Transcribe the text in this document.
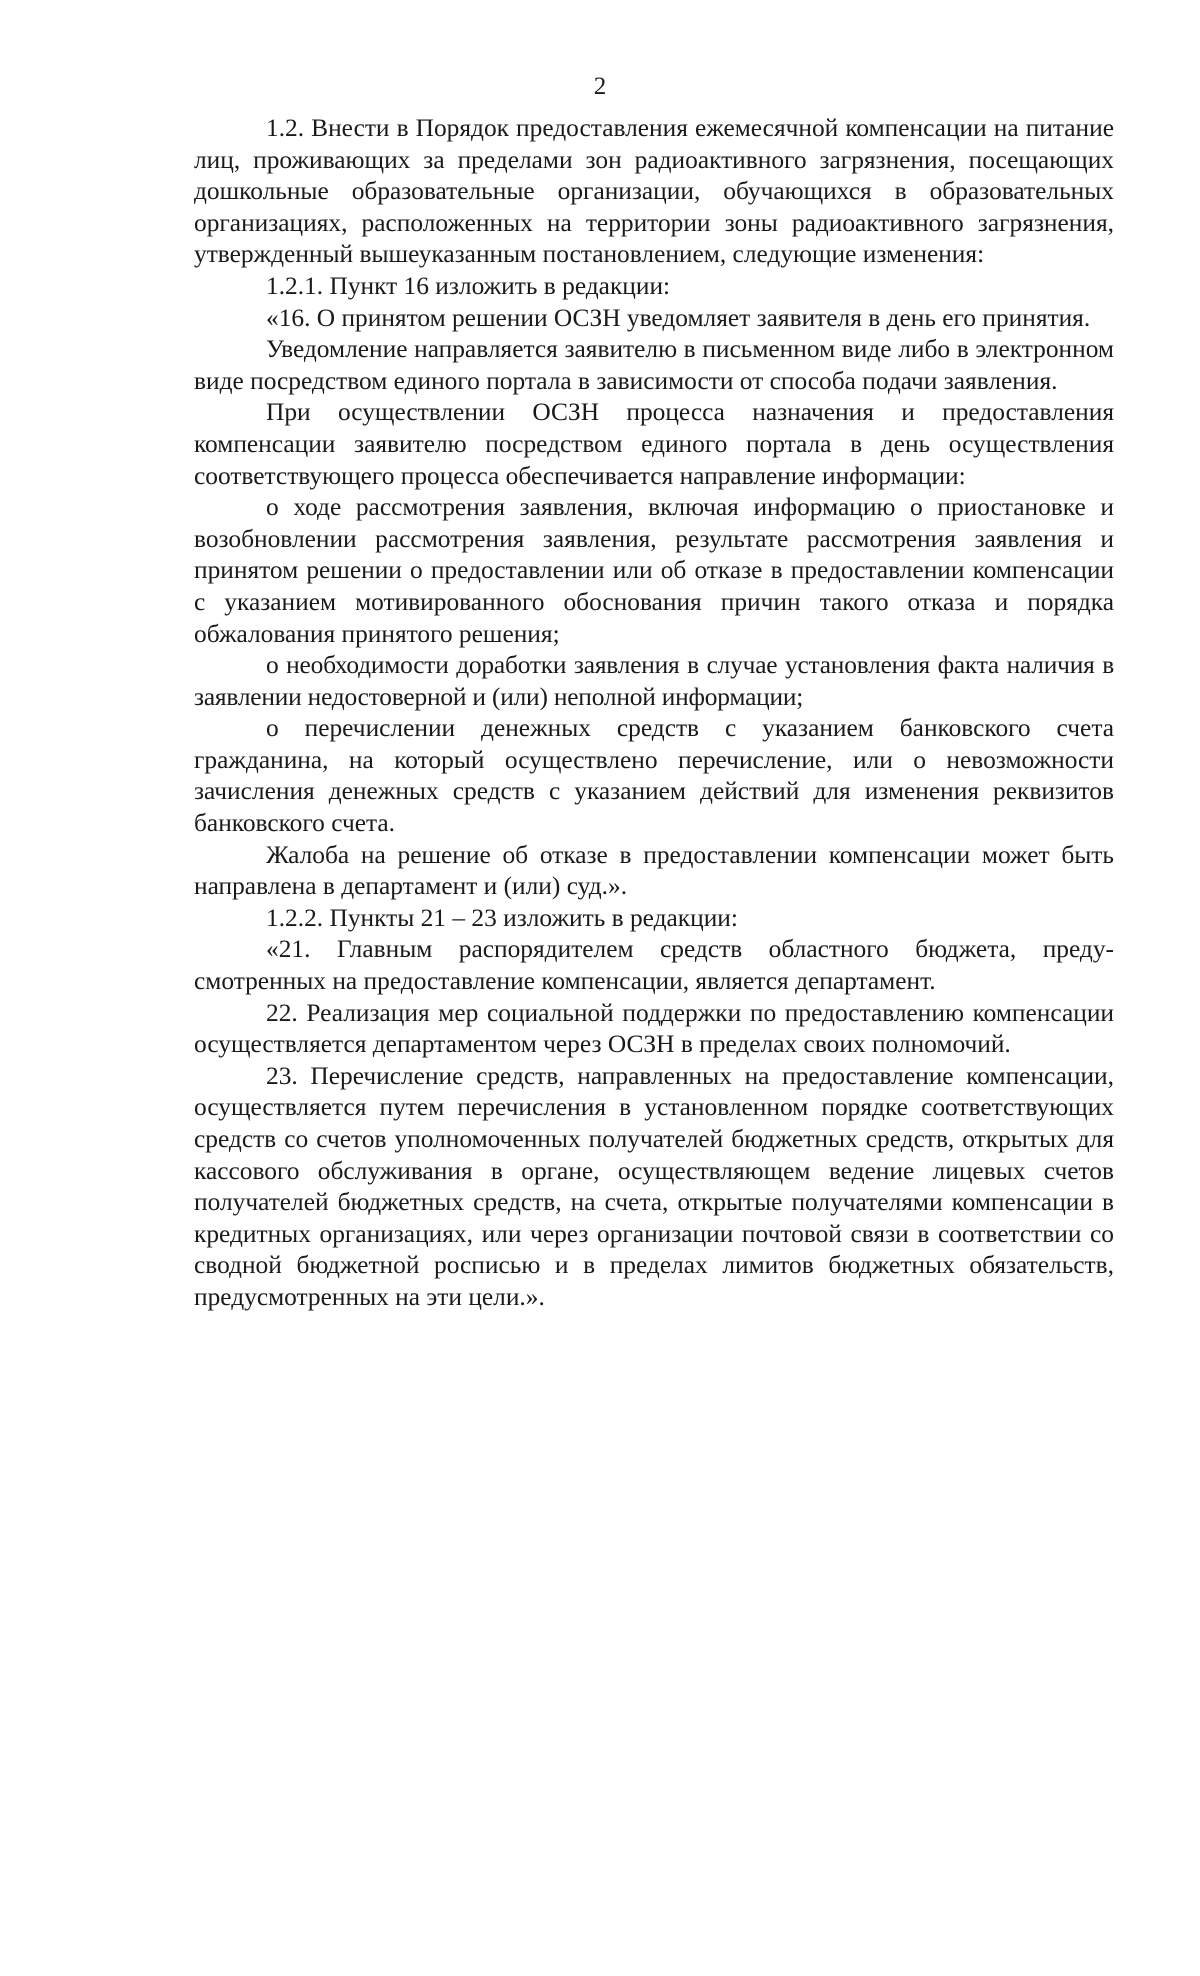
2

1.2. Внести в Порядок предоставления ежемесячной компенсации на питание лиц, проживающих за пределами зон радиоактивного загрязнения, посещающих дошкольные образовательные организации, обучающихся в образовательных организациях, расположенных на территории зоны радиоактивного загрязнения, утвержденный вышеуказанным постановлением, следующие изменения:

1.2.1. Пункт 16 изложить в редакции:

«16. О принятом решении ОСЗН уведомляет заявителя в день его принятия.

Уведомление направляется заявителю в письменном виде либо в электронном виде посредством единого портала в зависимости от способа подачи заявления.

При осуществлении ОСЗН процесса назначения и предоставления компенсации заявителю посредством единого портала в день осуществления соответствующего процесса обеспечивается направление информации:

о ходе рассмотрения заявления, включая информацию о приостановке и возобновлении рассмотрения заявления, результате рассмотрения заявления и принятом решении о предоставлении или об отказе в предоставлении компенсации с указанием мотивированного обоснования причин такого отказа и порядка обжалования принятого решения;

о необходимости доработки заявления в случае установления факта наличия в заявлении недостоверной и (или) неполной информации;

о перечислении денежных средств с указанием банковского счета гражданина, на который осуществлено перечисление, или о невозможности зачисления денежных средств с указанием действий для изменения реквизитов банковского счета.

Жалоба на решение об отказе в предоставлении компенсации может быть направлена в департамент и (или) суд.».

1.2.2. Пункты 21 – 23 изложить в редакции:

«21. Главным распорядителем средств областного бюджета, предусмотренных на предоставление компенсации, является департамент.

22. Реализация мер социальной поддержки по предоставлению компенсации осуществляется департаментом через ОСЗН в пределах своих полномочий.

23. Перечисление средств, направленных на предоставление компенсации, осуществляется путем перечисления в установленном порядке соответствующих средств со счетов уполномоченных получателей бюджетных средств, открытых для кассового обслуживания в органе, осуществляющем ведение лицевых счетов получателей бюджетных средств, на счета, открытые получателями компенсации в кредитных организациях, или через организации почтовой связи в соответствии со сводной бюджетной росписью и в пределах лимитов бюджетных обязательств, предусмотренных на эти цели.».
